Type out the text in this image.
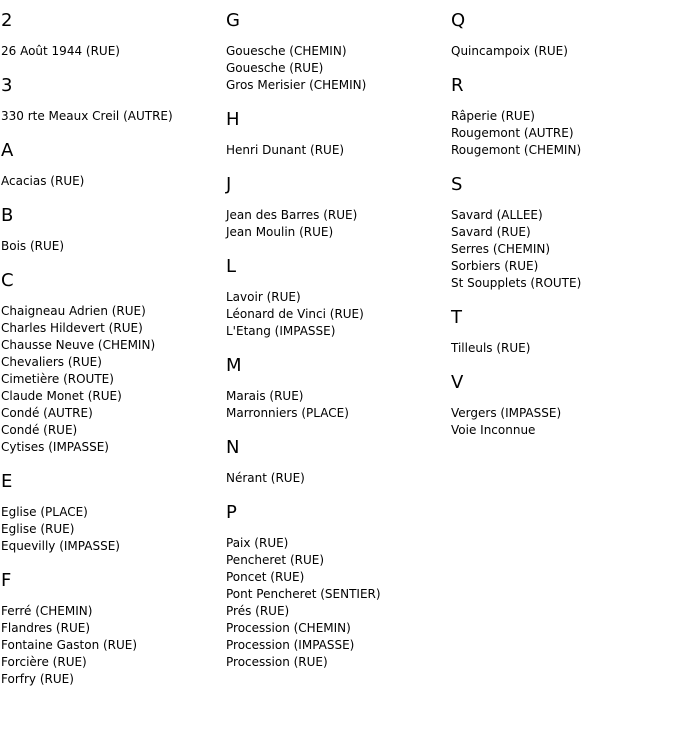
2
26 Août 1944 (RUE)
3
330 rte Meaux Creil (AUTRE)
A
Acacias (RUE)
B
Bois (RUE)
C
Chaigneau Adrien (RUE)
Charles Hildevert (RUE)
Chausse Neuve (CHEMIN)
Chevaliers (RUE)
Cimetière (ROUTE)
Claude Monet (RUE)
Condé (AUTRE)
Condé (RUE)
Cytises (IMPASSE)
E
Eglise (PLACE)
Eglise (RUE)
Equevilly (IMPASSE)
F
Ferré (CHEMIN)
Flandres (RUE)
Fontaine Gaston (RUE)
Forcière (RUE)
Forfry (RUE)
G
Gouesche (CHEMIN)
Gouesche (RUE)
Gros Merisier (CHEMIN)
H
Henri Dunant (RUE)
J
Jean des Barres (RUE)
Jean Moulin (RUE)
L
Lavoir (RUE)
Léonard de Vinci (RUE)
L'Etang (IMPASSE)
M
Marais (RUE)
Marronniers (PLACE)
N
Nérant (RUE)
P
Paix (RUE)
Pencheret (RUE)
Poncet (RUE)
Pont Pencheret (SENTIER)
Prés (RUE)
Procession (CHEMIN)
Procession (IMPASSE)
Procession (RUE)
Q
Quincampoix (RUE)
R
Râperie (RUE)
Rougemont (AUTRE)
Rougemont (CHEMIN)
S
Savard (ALLEE)
Savard (RUE)
Serres (CHEMIN)
Sorbiers (RUE)
St Soupplets (ROUTE)
T
Tilleuls (RUE)
V
Vergers (IMPASSE)
Voie Inconnue
